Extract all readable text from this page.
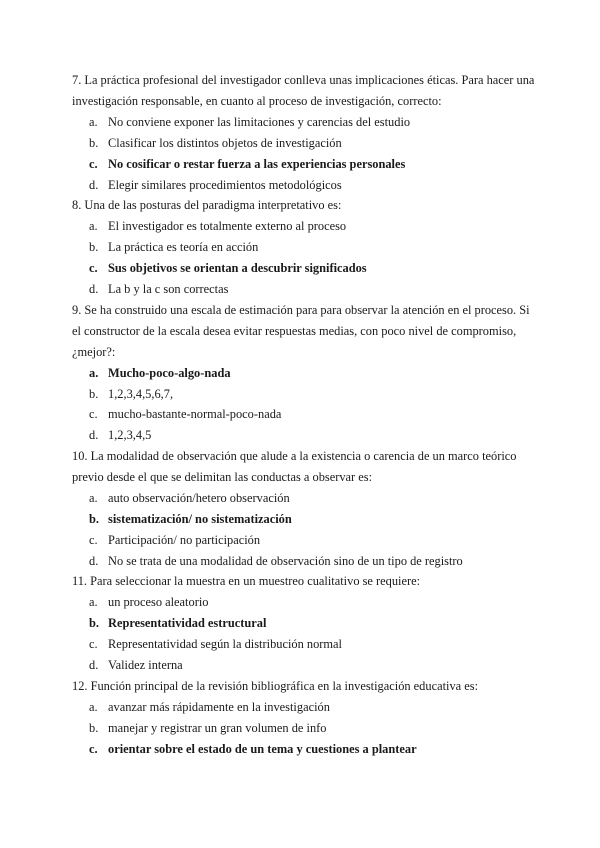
7. La práctica profesional del investigador conlleva unas implicaciones éticas. Para hacer una
investigación responsable, en cuanto al proceso de investigación, correcto:
a. No conviene exponer las limitaciones y carencias del estudio
b. Clasificar los distintos objetos de investigación
c. No cosificar o restar fuerza a las experiencias personales
d. Elegir similares procedimientos metodológicos
8. Una de las posturas del paradigma interpretativo es:
a. El investigador es totalmente externo al proceso
b. La práctica es teoría en acción
c. Sus objetivos se orientan a descubrir significados
d. La b y la c son correctas
9. Se ha construido una escala de estimación para para observar la atención en el proceso. Si
el constructor de la escala desea evitar respuestas medias, con poco nivel de compromiso,
¿mejor?:
a. Mucho-poco-algo-nada
b. 1,2,3,4,5,6,7,
c. mucho-bastante-normal-poco-nada
d. 1,2,3,4,5
10. La modalidad de observación que alude a la existencia o carencia de un marco teórico
previo desde el que se delimitan las conductas a observar es:
a. auto observación/hetero observación
b. sistematización/ no sistematización
c. Participación/ no participación
d. No se trata de una modalidad de observación sino de un tipo de registro
11. Para seleccionar la muestra en un muestreo cualitativo se requiere:
a. un proceso aleatorio
b. Representatividad estructural
c. Representatividad según la distribución normal
d. Validez interna
12. Función principal de la revisión bibliográfica en la investigación educativa es:
a. avanzar más rápidamente en la investigación
b. manejar y registrar un gran volumen de info
c. orientar sobre el estado de un tema y cuestiones a plantear
